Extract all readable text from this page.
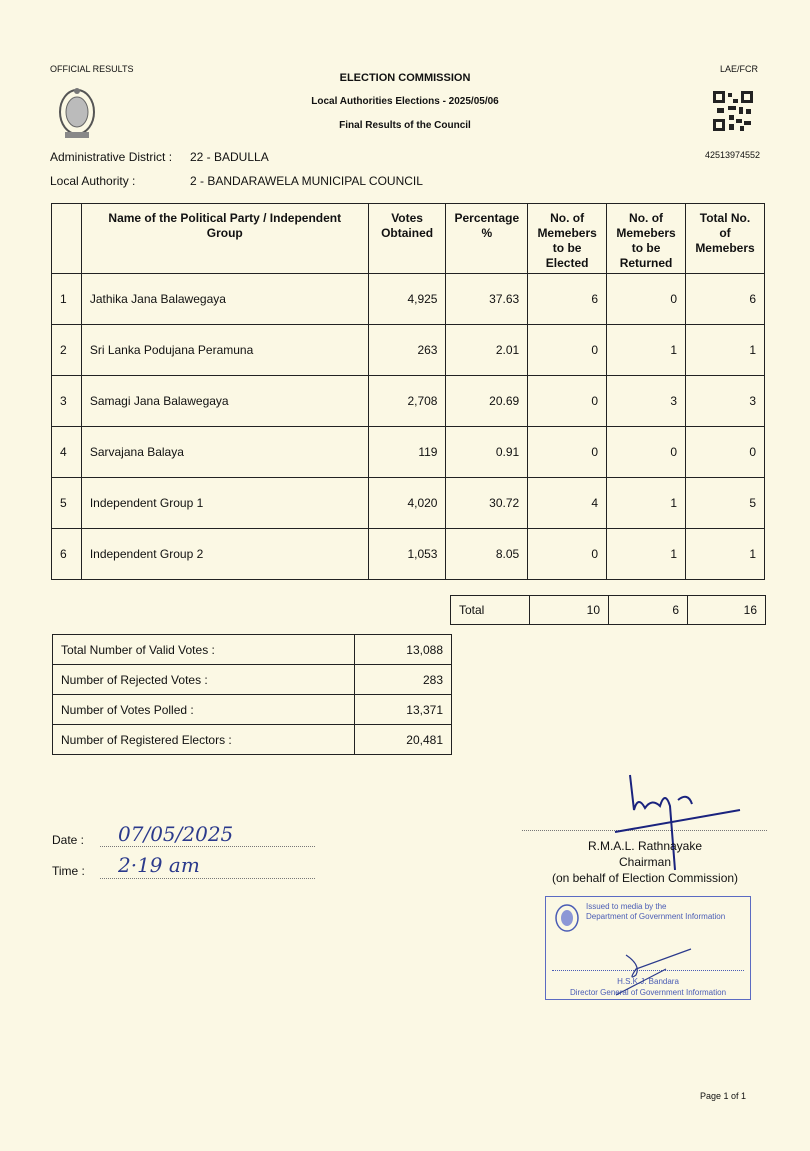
OFFICIAL RESULTS	LAE/FCR
ELECTION COMMISSION
Local Authorities Elections - 2025/05/06
Final Results of the Council
42513974552
Administrative District : 22 - BADULLA
Local Authority :	2 - BANDARAWELA MUNICIPAL COUNCIL
	Name of the Political Party / Independent Group	Votes Obtained	Percentage %	No. of Memebers to be Elected	No. of Memebers to be Returned	Total No. of Memebers
1	Jathika Jana Balawegaya	4,925	37.63	6	0	6
2	Sri Lanka Podujana Peramuna	263	2.01	0	1	1
3	Samagi Jana Balawegaya	2,708	20.69	0	3	3
4	Sarvajana Balaya	119	0.91	0	0	0
5	Independent Group 1	4,020	30.72	4	1	5
6	Independent Group 2	1,053	8.05	0	1	1
Total	10	6	16
Total Number of Valid Votes :	13,088
Number of Rejected Votes :	283
Number of Votes Polled :	13,371
Number of Registered Electors :	20,481
Date : 07/05/2025
Time : 2·19 am
R.M.A.L. Rathnayake
Chairman
(on behalf of Election Commission)
Issued to media by the
Department of Government Information
H.S.K.J. Bandara
Director General of Government Information
Page 1 of 1
